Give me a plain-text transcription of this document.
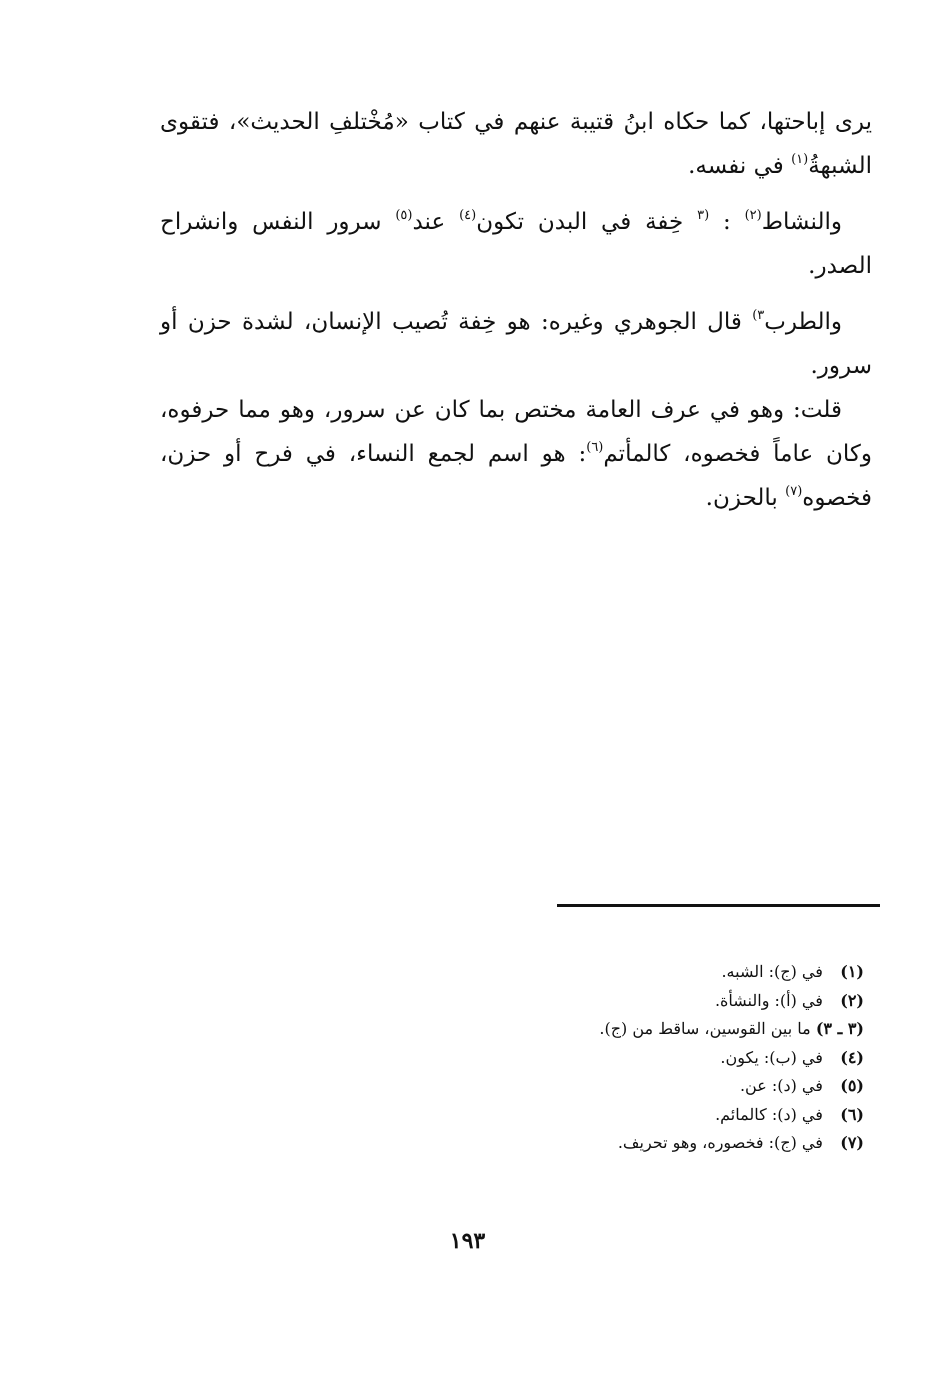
يرى إباحتها، كما حكاه ابنُ قتيبة عنهم في كتاب «مُخْتلفِ الحديث»، فتقوى الشبهةُ$^{(١)}$ في نفسه.

والنشاط$^{(٢)}$ : $^{(٣}$ خِفة في البدن تكون$^{(٤)}$ عند$^{(٥)}$ سرور النفس وانشراح الصدر.

والطرب$^{٣)}$ قال الجوهري وغيره: هو خِفة تُصيب الإنسان، لشدة حزن أو سرور.

قلت: وهو في عرف العامة مختص بما كان عن سرور، وهو مما حرفوه، وكان عاماً فخصوه، كالمأتم$^{(٦)}$: هو اسم لجمع النساء، في فرح أو حزن، فخصوه$^{(٧)}$ بالحزن.

(١) في (ج): الشبه.
(٢) في (أ): والنشأة.
(٣ ـ ٣) ما بين القوسين، ساقط من (ج).
(٤) في (ب): يكون.
(٥) في (د): عن.
(٦) في (د): كالمائم.
(٧) في (ج): فخصوره، وهو تحريف.
١٩٣
